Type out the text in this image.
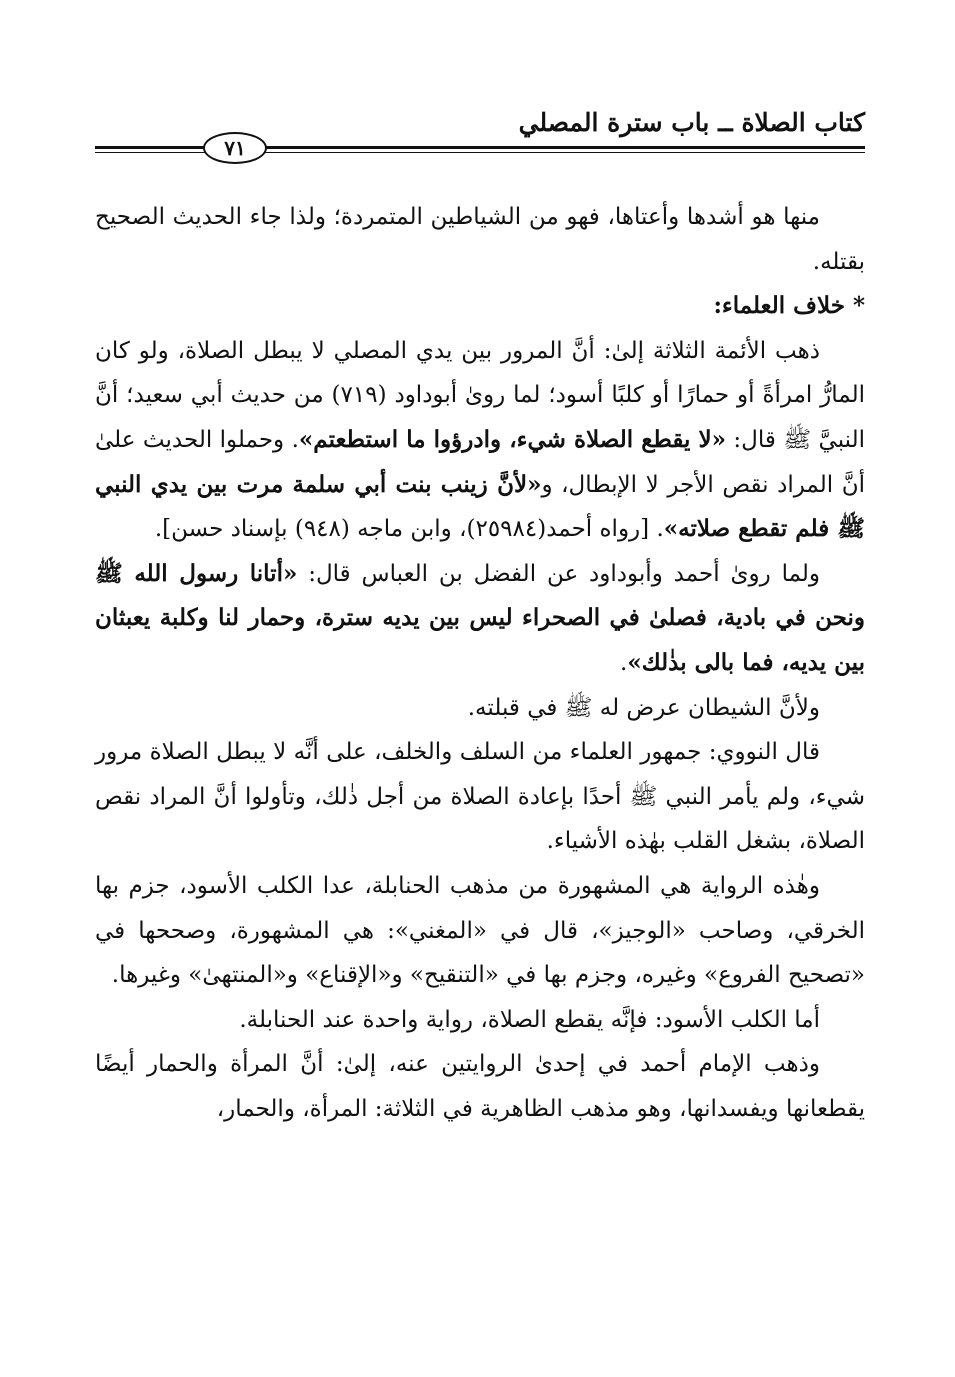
كتاب الصلاة ــ باب سترة المصلي
٧١

منها هو أشدها وأعتاها، فهو من الشياطين المتمردة؛ ولذا جاء الحديث الصحيح بقتله.

* خلاف العلماء:

ذهب الأئمة الثلاثة إلىٰ: أنَّ المرور بين يدي المصلي لا يبطل الصلاة، ولو كان المارُّ امرأةً أو حمارًا أو كلبًا أسود؛ لما روىٰ أبوداود (٧١٩) من حديث أبي سعيد؛ أنَّ النبيَّ ﷺ قال: «لا يقطع الصلاة شيء، وادرؤوا ما استطعتم». وحملوا الحديث علىٰ أنَّ المراد نقص الأجر لا الإبطال، و«لأنَّ زينب بنت أبي سلمة مرت بين يدي النبي ﷺ فلم تقطع صلاته». [رواه أحمد(٢٥٩٨٤)، وابن ماجه (٩٤٨) بإسناد حسن].

ولما روىٰ أحمد وأبوداود عن الفضل بن العباس قال: «أتانا رسول الله ﷺ ونحن في بادية، فصلىٰ في الصحراء ليس بين يديه سترة، وحمار لنا وكلبة يعبثان بين يديه، فما بالى بذٰلك».

ولأنَّ الشيطان عرض له ﷺ في قبلته.

قال النووي: جمهور العلماء من السلف والخلف، على أنَّه لا يبطل الصلاة مرور شيء، ولم يأمر النبي ﷺ أحدًا بإعادة الصلاة من أجل ذٰلك، وتأولوا أنَّ المراد نقص الصلاة، بشغل القلب بهٰذه الأشياء.

وهٰذه الرواية هي المشهورة من مذهب الحنابلة، عدا الكلب الأسود، جزم بها الخرقي، وصاحب «الوجيز»، قال في «المغني»: هي المشهورة، وصححها في «تصحيح الفروع» وغيره، وجزم بها في «التنقيح» و«الإقناع» و«المنتهىٰ» وغيرها.

أما الكلب الأسود: فإنَّه يقطع الصلاة، رواية واحدة عند الحنابلة.

وذهب الإمام أحمد في إحدىٰ الروايتين عنه، إلىٰ: أنَّ المرأة والحمار أيضًا يقطعانها ويفسدانها، وهو مذهب الظاهرية في الثلاثة: المرأة، والحمار،
